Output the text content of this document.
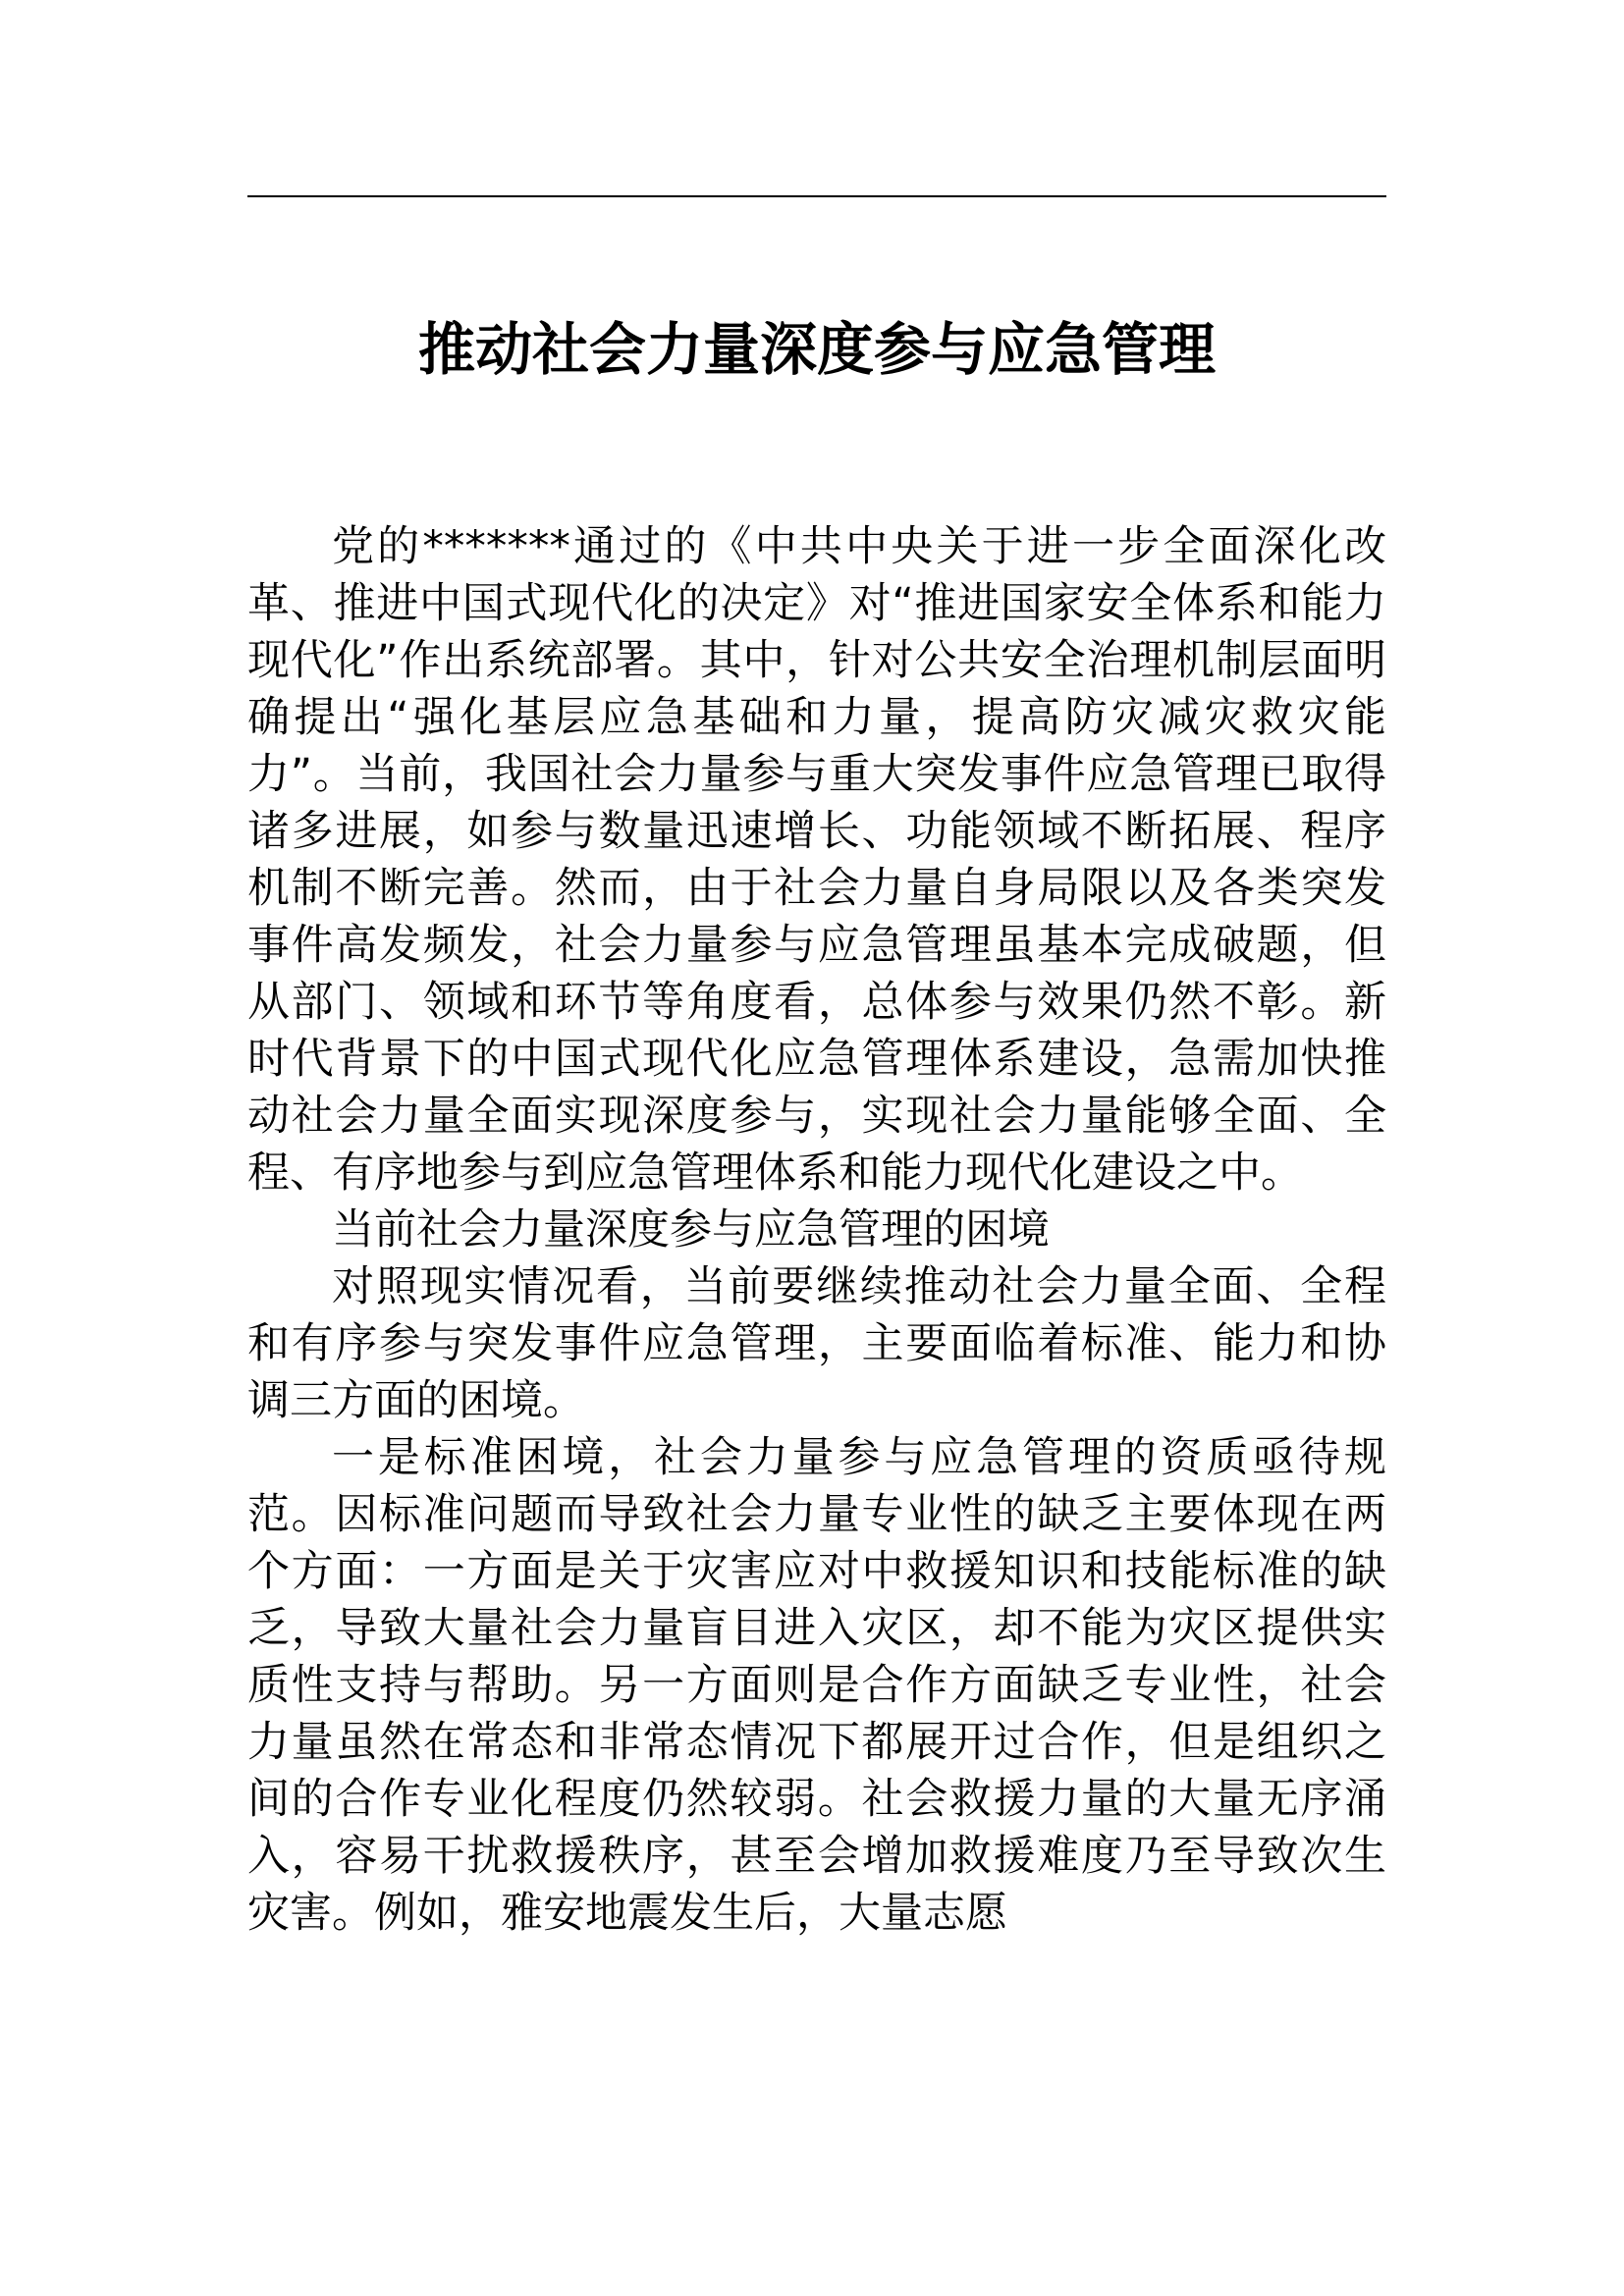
推动社会力量深度参与应急管理

党的*******通过的《中共中央关于进一步全面深化改革、推进中国式现代化的决定》对“推进国家安全体系和能力现代化”作出系统部署。其中，针对公共安全治理机制层面明确提出“强化基层应急基础和力量，提高防灾减灾救灾能力”。当前，我国社会力量参与重大突发事件应急管理已取得诸多进展，如参与数量迅速增长、功能领域不断拓展、程序机制不断完善。然而，由于社会力量自身局限以及各类突发事件高发频发，社会力量参与应急管理虽基本完成破题，但从部门、领域和环节等角度看，总体参与效果仍然不彰。新时代背景下的中国式现代化应急管理体系建设，急需加快推动社会力量全面实现深度参与，实现社会力量能够全面、全程、有序地参与到应急管理体系和能力现代化建设之中。

当前社会力量深度参与应急管理的困境

对照现实情况看，当前要继续推动社会力量全面、全程和有序参与突发事件应急管理，主要面临着标准、能力和协调三方面的困境。

一是标准困境，社会力量参与应急管理的资质亟待规范。因标准问题而导致社会力量专业性的缺乏主要体现在两个方面：一方面是关于灾害应对中救援知识和技能标准的缺乏，导致大量社会力量盲目进入灾区，却不能为灾区提供实质性支持与帮助。另一方面则是合作方面缺乏专业性，社会力量虽然在常态和非常态情况下都展开过合作，但是组织之间的合作专业化程度仍然较弱。社会救援力量的大量无序涌入，容易干扰救援秩序，甚至会增加救援难度乃至导致次生灾害。例如，雅安地震发生后，大量志愿
